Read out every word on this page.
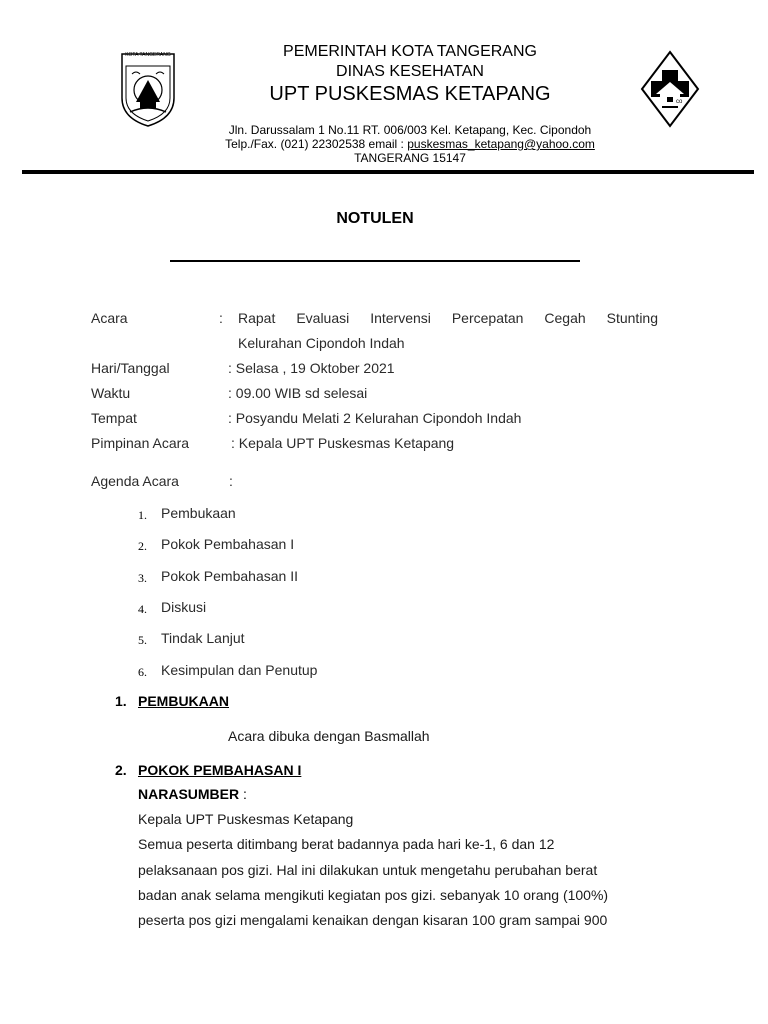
KOTA TANGERANG	PEMERINTAH KOTA TANGERANG
DINAS KESEHATAN
UPT PUSKESMAS KETAPANG
Jln. Darussalam 1 No.11 RT. 006/003 Kel. Ketapang, Kec. Cipondoh
Telp./Fax. (021) 22302538 email : puskesmas_ketapang@yahoo.com
TANGERANG 15147
co
NOTULEN
Acara	: Rapat Evaluasi Intervensi Percepatan Cegah Stunting
Kelurahan Cipondoh Indah
Hari/Tanggal	: Selasa , 19 Oktober 2021
Waktu	: 09.00 WIB sd selesai
Tempat	: Posyandu Melati 2 Kelurahan Cipondoh Indah
Pimpinan Acara	: Kepala UPT Puskesmas Ketapang
Agenda Acara	:
1. Pembukaan
2. Pokok Pembahasan I
3. Pokok Pembahasan II
4. Diskusi
5. Tindak Lanjut
6. Kesimpulan dan Penutup
1. PEMBUKAAN
Acara dibuka dengan Basmallah
2. POKOK PEMBAHASAN I
NARASUMBER :
Kepala UPT Puskesmas Ketapang
Semua peserta ditimbang berat badannya pada hari ke-1, 6 dan 12
pelaksanaan pos gizi. Hal ini dilakukan untuk mengetahu perubahan berat
badan anak selama mengikuti kegiatan pos gizi. sebanyak 10 orang (100%)
peserta pos gizi mengalami kenaikan dengan kisaran 100 gram sampai 900
